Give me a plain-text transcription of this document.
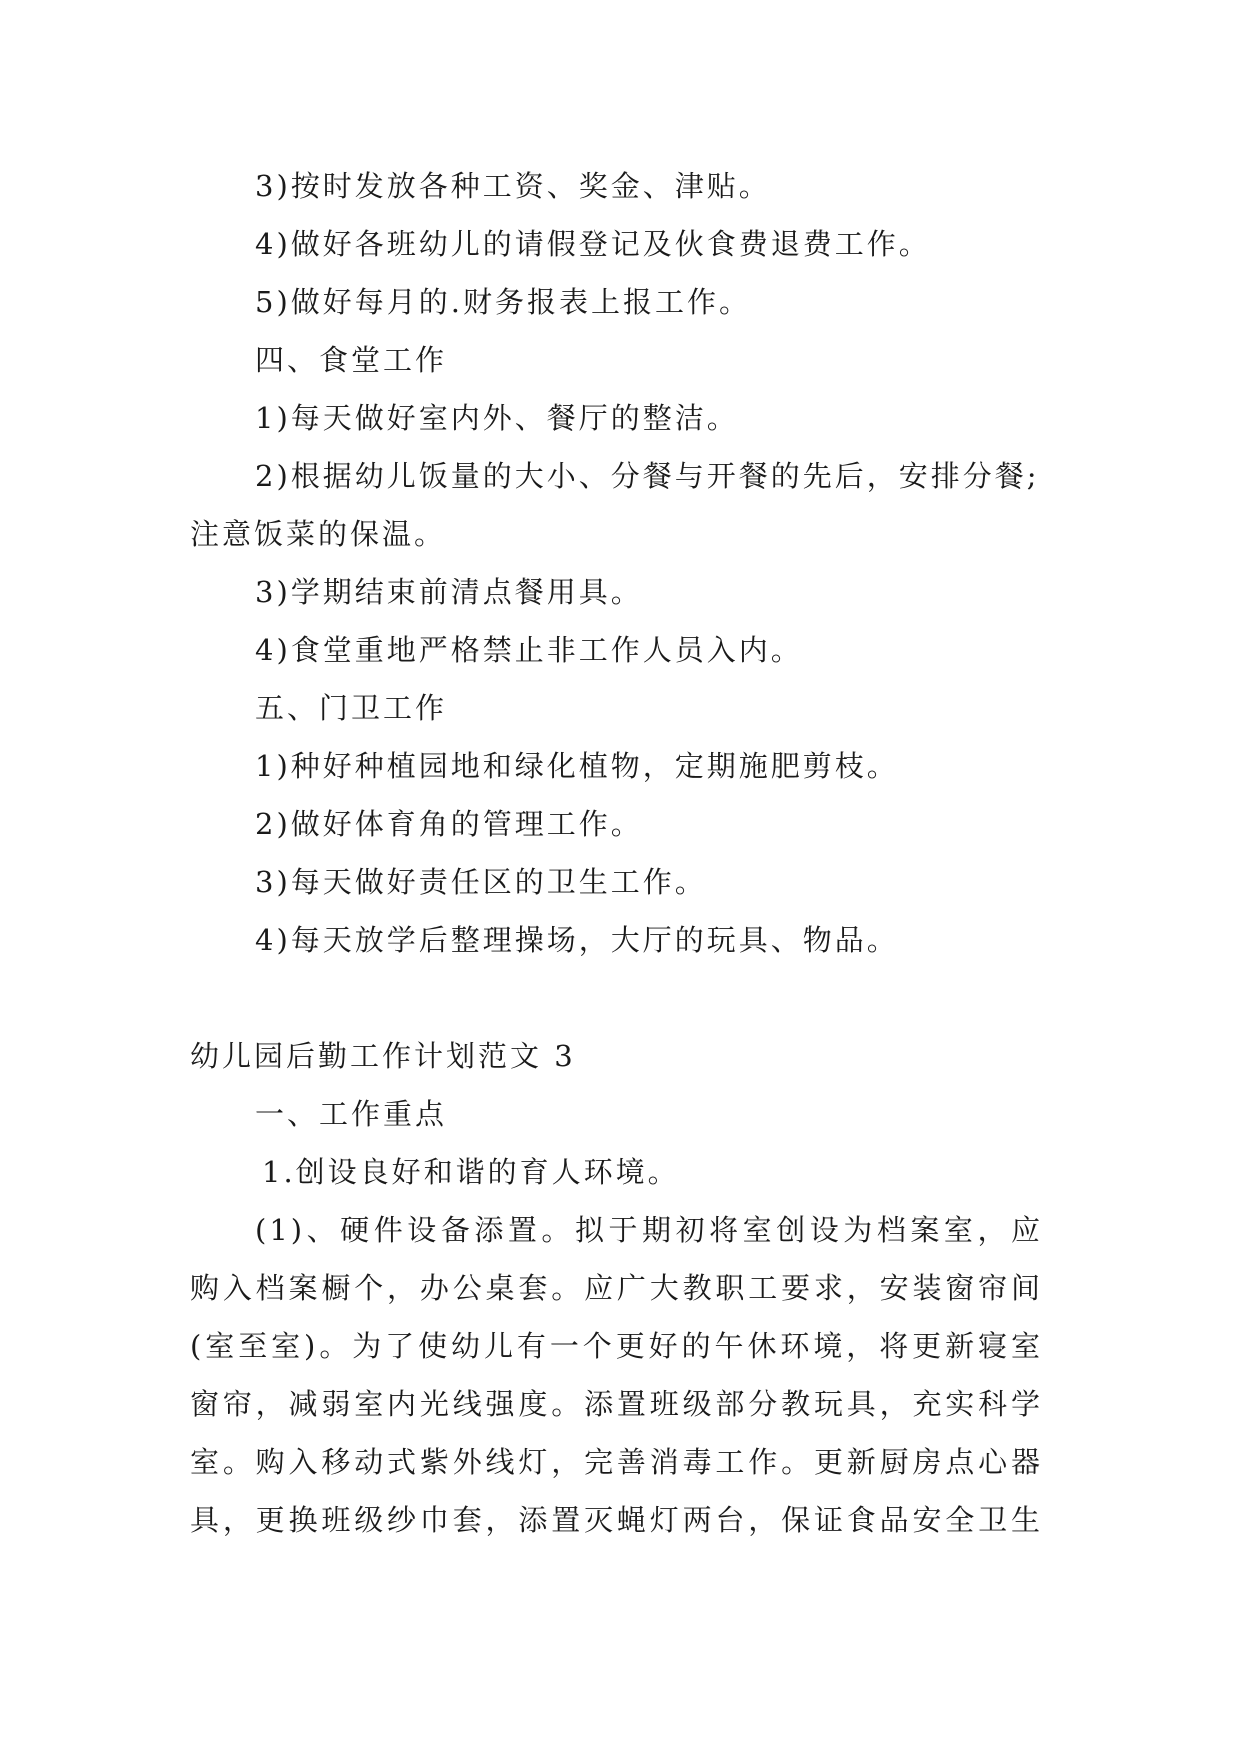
3)按时发放各种工资、奖金、津贴。
4)做好各班幼儿的请假登记及伙食费退费工作。
5)做好每月的.财务报表上报工作。
四、食堂工作
1)每天做好室内外、餐厅的整洁。
2)根据幼儿饭量的大小、分餐与开餐的先后，安排分餐;
注意饭菜的保温。
3)学期结束前清点餐用具。
4)食堂重地严格禁止非工作人员入内。
五、门卫工作
1)种好种植园地和绿化植物，定期施肥剪枝。
2)做好体育角的管理工作。
3)每天做好责任区的卫生工作。
4)每天放学后整理操场，大厅的玩具、物品。
幼儿园后勤工作计划范文 3
一、工作重点
1.创设良好和谐的育人环境。
(1)、硬件设备添置。拟于期初将室创设为档案室，应
购入档案橱个，办公桌套。应广大教职工要求，安装窗帘间
(室至室)。为了使幼儿有一个更好的午休环境，将更新寝室
窗帘，减弱室内光线强度。添置班级部分教玩具，充实科学
室。购入移动式紫外线灯，完善消毒工作。更新厨房点心器
具，更换班级纱巾套，添置灭蝇灯两台，保证食品安全卫生
